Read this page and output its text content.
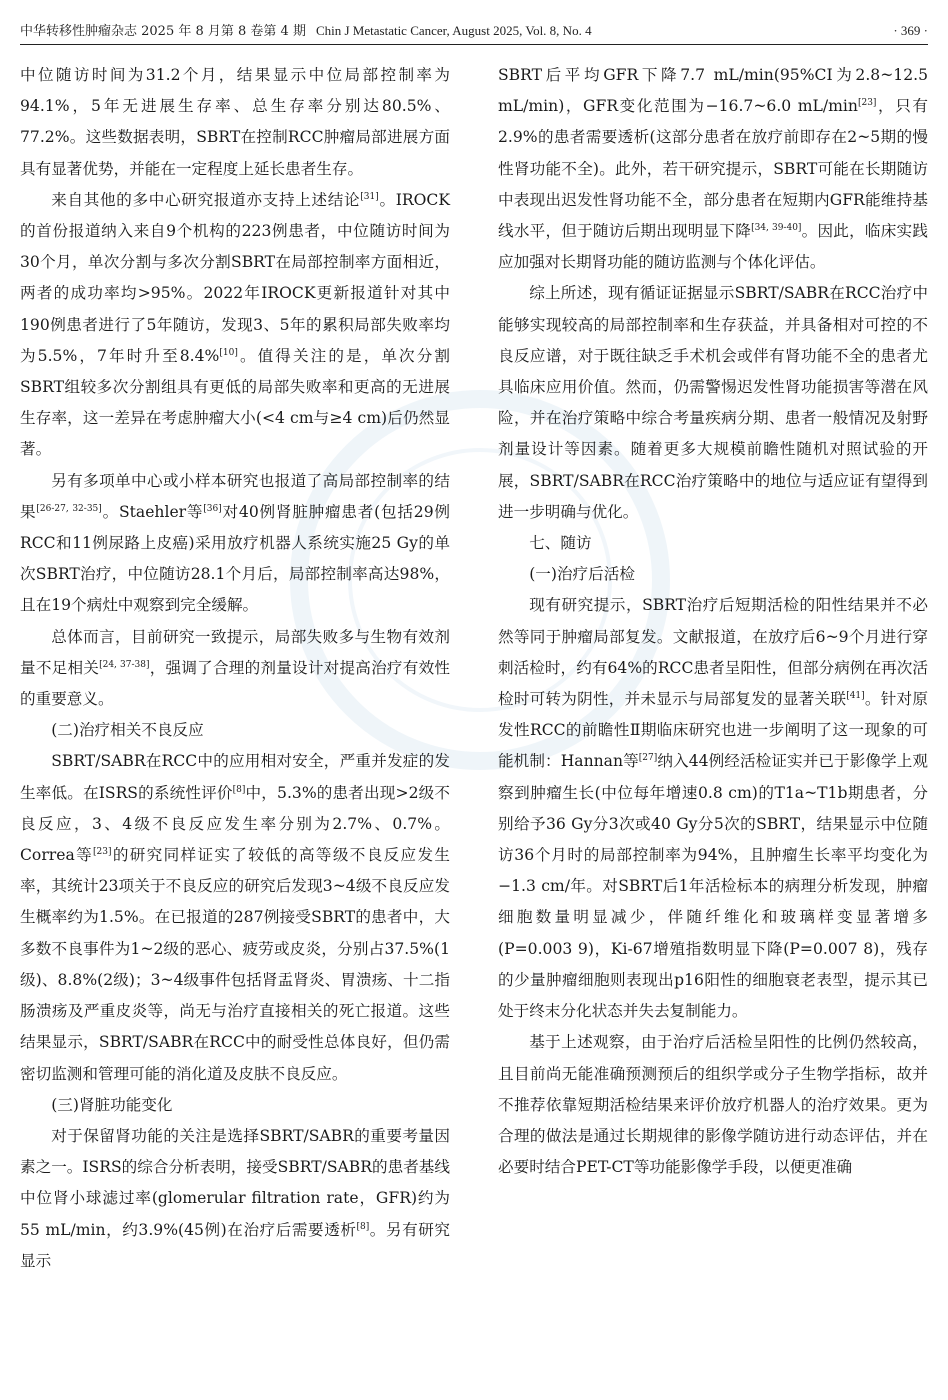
中华转移性肿瘤杂志 2025 年 8 月第 8 卷第 4 期 Chin J Metastatic Cancer, August 2025, Vol. 8, No. 4	· 369 ·

中位随访时间为31.2个月，结果显示中位局部控制率为94.1%，5年无进展生存率、总生存率分别达80.5%、77.2%。这些数据表明，SBRT在控制RCC肿瘤局部进展方面具有显著优势，并能在一定程度上延长患者生存。

来自其他的多中心研究报道亦支持上述结论[31]。IROCK的首份报道纳入来自9个机构的223例患者，中位随访时间为30个月，单次分割与多次分割SBRT在局部控制率方面相近，两者的成功率均>95%。2022年IROCK更新报道针对其中190例患者进行了5年随访，发现3、5年的累积局部失败率均为5.5%，7年时升至8.4%[10]。值得关注的是，单次分割SBRT组较多次分割组具有更低的局部失败率和更高的无进展生存率，这一差异在考虑肿瘤大小(<4 cm与≥4 cm)后仍然显著。

另有多项单中心或小样本研究也报道了高局部控制率的结果[26-27, 32-35]。Staehler等[36]对40例肾脏肿瘤患者(包括29例RCC和11例尿路上皮癌)采用放疗机器人系统实施25 Gy的单次SBRT治疗，中位随访28.1个月后，局部控制率高达98%，且在19个病灶中观察到完全缓解。

总体而言，目前研究一致提示，局部失败多与生物有效剂量不足相关[24, 37-38]，强调了合理的剂量设计对提高治疗有效性的重要意义。

(二)治疗相关不良反应

SBRT/SABR在RCC中的应用相对安全，严重并发症的发生率低。在ISRS的系统性评价[8]中，5.3%的患者出现>2级不良反应，3、4级不良反应发生率分别为2.7%、0.7%。Correa等[23]的研究同样证实了较低的高等级不良反应发生率，其统计23项关于不良反应的研究后发现3~4级不良反应发生概率约为1.5%。在已报道的287例接受SBRT的患者中，大多数不良事件为1~2级的恶心、疲劳或皮炎，分别占37.5%(1级)、8.8%(2级)；3~4级事件包括肾盂肾炎、胃溃疡、十二指肠溃疡及严重皮炎等，尚无与治疗直接相关的死亡报道。这些结果显示，SBRT/SABR在RCC中的耐受性总体良好，但仍需密切监测和管理可能的消化道及皮肤不良反应。

(三)肾脏功能变化

对于保留肾功能的关注是选择SBRT/SABR的重要考量因素之一。ISRS的综合分析表明，接受SBRT/SABR的患者基线中位肾小球滤过率(glomerular filtration rate，GFR)约为55 mL/min，约3.9%(45例)在治疗后需要透析[8]。另有研究显示

SBRT后平均GFR下降7.7 mL/min(95%CI为2.8~12.5 mL/min)，GFR变化范围为−16.7~6.0 mL/min[23]，只有2.9%的患者需要透析(这部分患者在放疗前即存在2~5期的慢性肾功能不全)。此外，若干研究提示，SBRT可能在长期随访中表现出迟发性肾功能不全，部分患者在短期内GFR能维持基线水平，但于随访后期出现明显下降[34, 39-40]。因此，临床实践应加强对长期肾功能的随访监测与个体化评估。

综上所述，现有循证证据显示SBRT/SABR在RCC治疗中能够实现较高的局部控制率和生存获益，并具备相对可控的不良反应谱，对于既往缺乏手术机会或伴有肾功能不全的患者尤具临床应用价值。然而，仍需警惕迟发性肾功能损害等潜在风险，并在治疗策略中综合考量疾病分期、患者一般情况及射野剂量设计等因素。随着更多大规模前瞻性随机对照试验的开展，SBRT/SABR在RCC治疗策略中的地位与适应证有望得到进一步明确与优化。

七、随访

(一)治疗后活检

现有研究提示，SBRT治疗后短期活检的阳性结果并不必然等同于肿瘤局部复发。文献报道，在放疗后6~9个月进行穿刺活检时，约有64%的RCC患者呈阳性，但部分病例在再次活检时可转为阴性，并未显示与局部复发的显著关联[41]。针对原发性RCC的前瞻性Ⅱ期临床研究也进一步阐明了这一现象的可能机制：Hannan等[27]纳入44例经活检证实并已于影像学上观察到肿瘤生长(中位每年增速0.8 cm)的T1a~T1b期患者，分别给予36 Gy分3次或40 Gy分5次的SBRT，结果显示中位随访36个月时的局部控制率为94%，且肿瘤生长率平均变化为−1.3 cm/年。对SBRT后1年活检标本的病理分析发现，肿瘤细胞数量明显减少，伴随纤维化和玻璃样变显著增多(P=0.003 9)，Ki-67增殖指数明显下降(P=0.007 8)，残存的少量肿瘤细胞则表现出p16阳性的细胞衰老表型，提示其已处于终末分化状态并失去复制能力。

基于上述观察，由于治疗后活检呈阳性的比例仍然较高，且目前尚无能准确预测预后的组织学或分子生物学指标，故并不推荐依靠短期活检结果来评价放疗机器人的治疗效果。更为合理的做法是通过长期规律的影像学随访进行动态评估，并在必要时结合PET-CT等功能影像学手段，以便更准确
